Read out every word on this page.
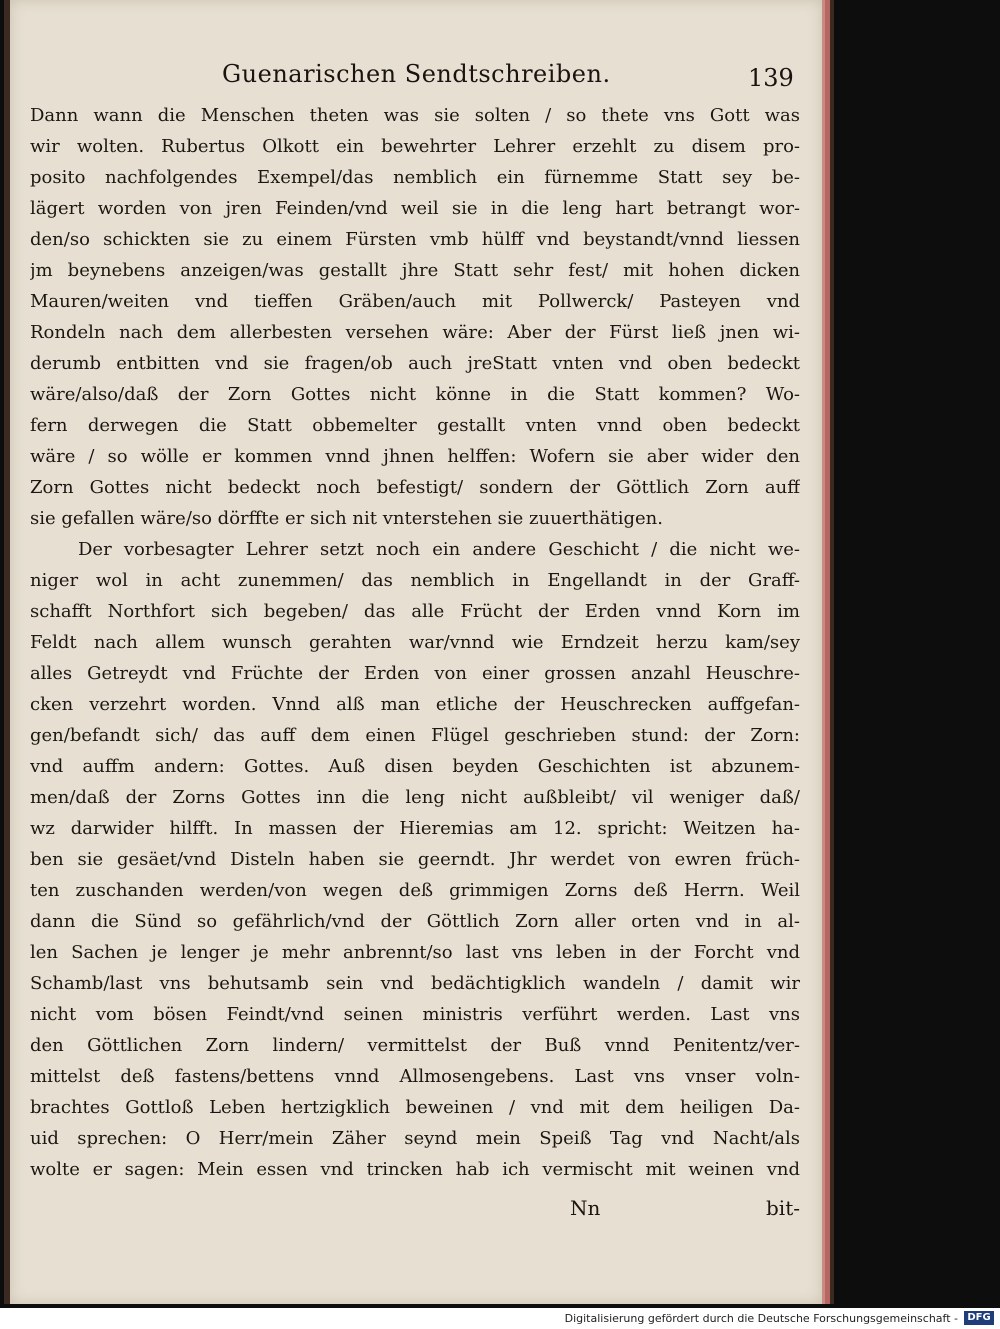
Guenarischen Sendtschreiben.	139
Dann wann die Menschen theten was sie solten / so thete vns Gott was
wir wolten. Rubertus Olkott ein bewehrter Lehrer erzehlt zu disem pro-
posito nachfolgendes Exempel/das nemblich ein fürnemme Statt sey be-
lägert worden von jren Feinden/vnd weil sie in die leng hart betrangt wor-
den/so schickten sie zu einem Fürsten vmb hülff vnd beystandt/vnnd liessen
jm beynebens anzeigen/was gestallt jhre Statt sehr fest/ mit hohen dicken
Mauren/weiten vnd tieffen Gräben/auch mit Pollwerck/ Pasteyen vnd
Rondeln nach dem allerbesten versehen wäre: Aber der Fürst ließ jnen wi-
derumb entbitten vnd sie fragen/ob auch jreStatt vnten vnd oben bedeckt
wäre/also/daß der Zorn Gottes nicht könne in die Statt kommen? Wo-
fern derwegen die Statt obbemelter gestallt vnten vnnd oben bedeckt
wäre / so wölle er kommen vnnd jhnen helffen: Wofern sie aber wider den
Zorn Gottes nicht bedeckt noch befestigt/ sondern der Göttlich Zorn auff
sie gefallen wäre/so dörffte er sich nit vnterstehen sie zuuerthätigen.
Der vorbesagter Lehrer setzt noch ein andere Geschicht / die nicht we-
niger wol in acht zunemmen/ das nemblich in Engellandt in der Graff-
schafft Northfort sich begeben/ das alle Frücht der Erden vnnd Korn im
Feldt nach allem wunsch gerahten war/vnnd wie Erndzeit herzu kam/sey
alles Getreydt vnd Früchte der Erden von einer grossen anzahl Heuschre-
cken verzehrt worden. Vnnd alß man etliche der Heuschrecken auffgefan-
gen/befandt sich/ das auff dem einen Flügel geschrieben stund: der Zorn:
vnd auffm andern: Gottes. Auß disen beyden Geschichten ist abzunem-
men/daß der Zorns Gottes inn die leng nicht außbleibt/ vil weniger daß/
wz darwider hilfft. In massen der Hieremias am 12. spricht: Weitzen ha-
ben sie gesäet/vnd Disteln haben sie geerndt. Jhr werdet von ewren früch-
ten zuschanden werden/von wegen deß grimmigen Zorns deß Herrn. Weil
dann die Sünd so gefährlich/vnd der Göttlich Zorn aller orten vnd in al-
len Sachen je lenger je mehr anbrennt/so last vns leben in der Forcht vnd
Schamb/last vns behutsamb sein vnd bedächtigklich wandeln / damit wir
nicht vom bösen Feindt/vnd seinen ministris verführt werden. Last vns
den Göttlichen Zorn lindern/ vermittelst der Buß vnnd Penitentz/ver-
mittelst deß fastens/bettens vnnd Allmosengebens. Last vns vnser voln-
brachtes Gottloß Leben hertzigklich beweinen / vnd mit dem heiligen Da-
uid sprechen: O Herr/mein Zäher seynd mein Speiß Tag vnd Nacht/als
wolte er sagen: Mein essen vnd trincken hab ich vermischt mit weinen vnd
Nn	bit-
Digitalisierung gefördert durch die Deutsche Forschungsgemeinschaft - DFG
